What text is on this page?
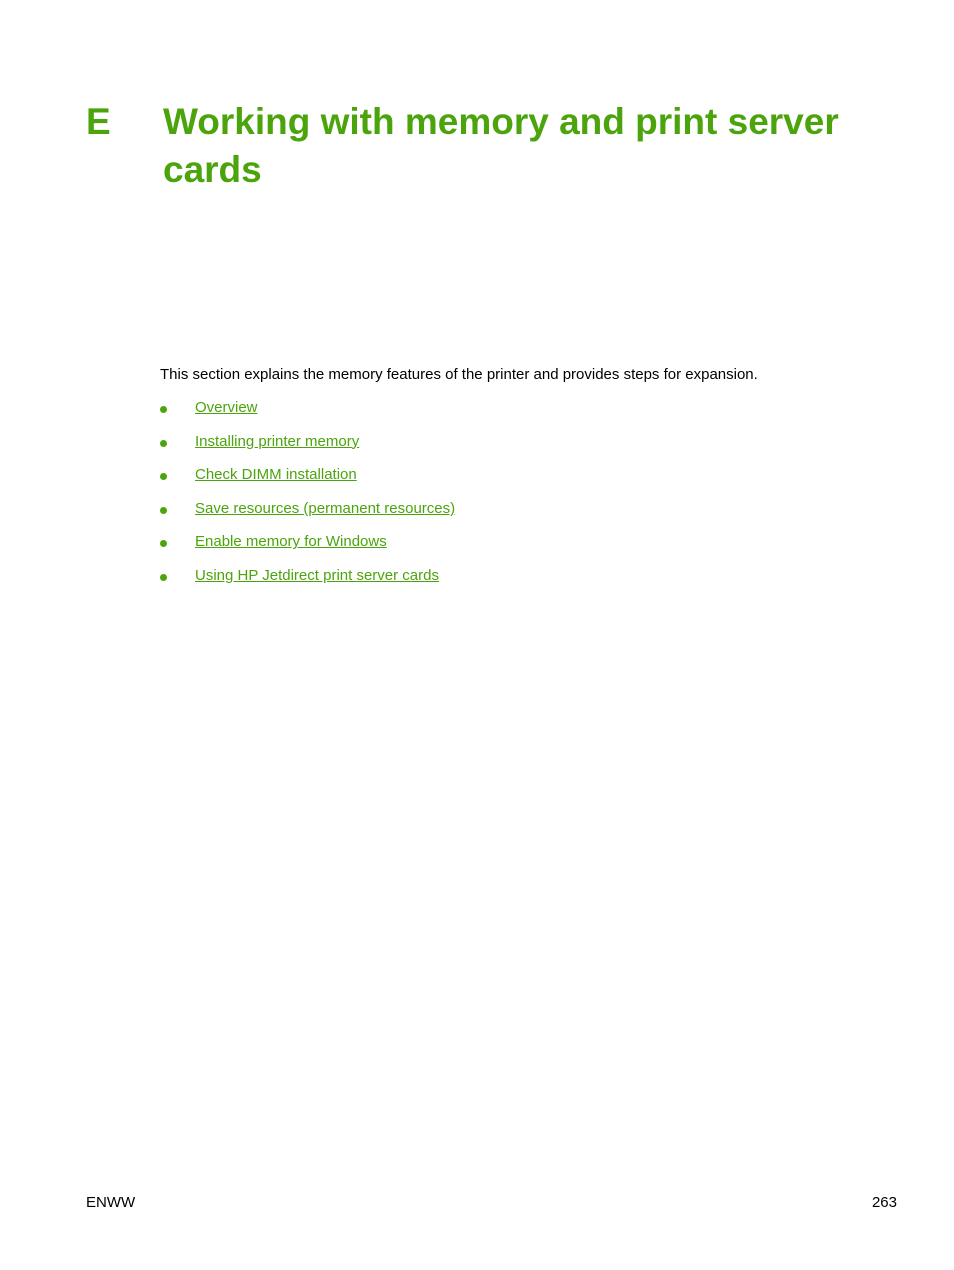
E Working with memory and print server cards

This section explains the memory features of the printer and provides steps for expansion.

Overview
Installing printer memory
Check DIMM installation
Save resources (permanent resources)
Enable memory for Windows
Using HP Jetdirect print server cards
ENWW	263
